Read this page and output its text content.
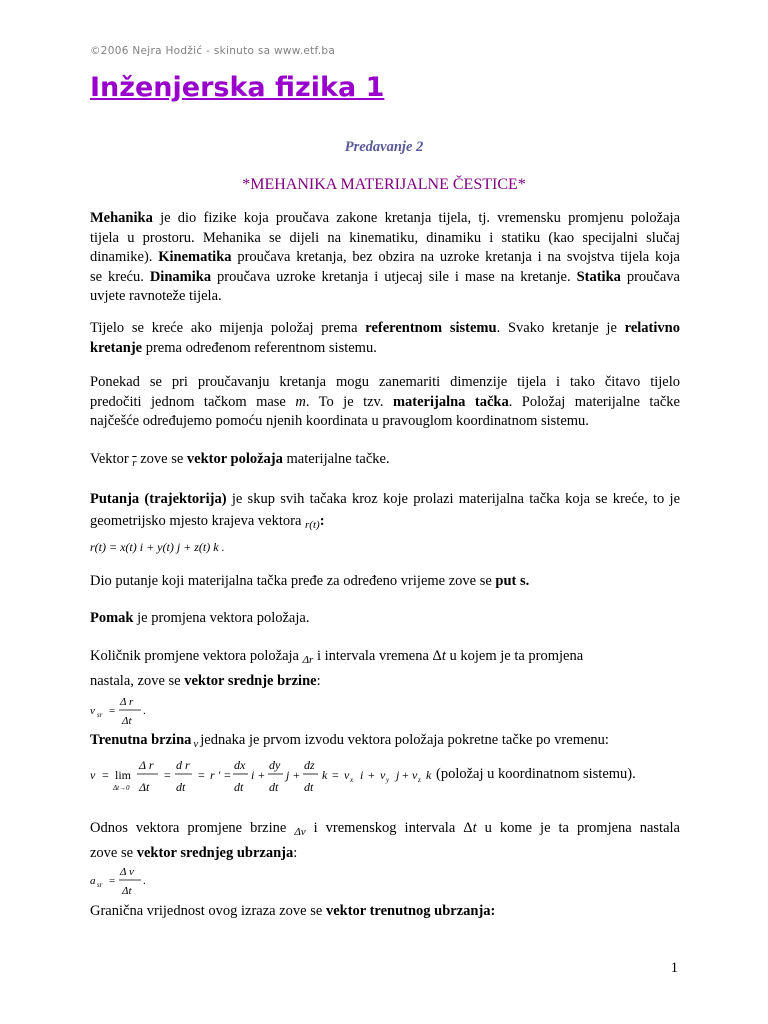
©2006 Nejra Hodžić - skinuto sa www.etf.ba
Inženjerska fizika 1
Predavanje 2
*MEHANIKA MATERIJALNE ČESTICE*
Mehanika je dio fizike koja proučava zakone kretanja tijela, tj. vremensku promjenu položaja
tijela u prostoru. Mehanika se dijeli na kinematiku, dinamiku i statiku (kao specijalni slučaj
dinamike). Kinematika proučava kretanja, bez obzira na uzroke kretanja i na svojstva tijela koja
se kreću. Dinamika proučava uzroke kretanja i utjecaj sile i mase na kretanje. Statika proučava
uvjete ravnoteže tijela.
Tijelo se kreće ako mijenja položaj prema referentnom sistemu. Svako kretanje je relativno
kretanje prema određenom referentnom sistemu.
Ponekad se pri proučavanju kretanja mogu zanemariti dimenzije tijela i tako čitavo tijelo
predočiti jednom tačkom mase m. To je tzv. materijalna tačka. Položaj materijalne tačke
najčešće određujemo pomoću njenih koordinata u pravouglom koordinatnom sistemu.
Vektor $_{\overline{r}}$ zove se vektor položaja materijalne tačke.
Putanja (trajektorija) je skup svih tačaka kroz koje prolazi materijalna tačka koja se kreće, to je
geometrijsko mjesto krajeva vektora $_{r(t)}$:
r(t) = x(t) i + y(t) j + z(t) k .
Dio putanje koji materijalna tačka pređe za određeno vrijeme zove se put s.
Pomak je promjena vektora položaja.
Količnik promjene vektora položaja $_{\Delta r}$ i intervala vremena Δt u kojem je ta promjena
nastala, zove se vektor srednje brzine:
v sr =
Δ r
Δt
.
Trenutna brzina $_v$ jednaka je prvom izvodu vektora položaja pokretne tačke po vremenu:
v = lim
Δt→0
Δ r
Δt
=
d r
dt
= r ' =
dx
dt
i +
dy
dt
j +
dz
dt
k = v x i + v y j + v z k (položaj u koordinatnom sistemu).
Odnos vektora promjene brzine $_{\Delta v}$ i vremenskog intervala Δt u kome je ta promjena nastala
zove se vektor srednjeg ubrzanja:
a sr =
Δ v
Δt
.
Granična vrijednost ovog izraza zove se vektor trenutnog ubrzanja:
1
